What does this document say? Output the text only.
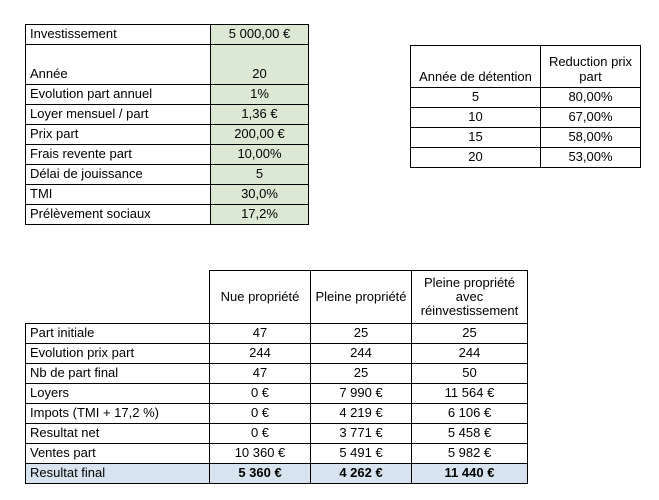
Investissement	5 000,00 €
Année	20
Evolution part annuel	1%
Loyer mensuel / part	1,36 €
Prix part	200,00 €
Frais revente part	10,00%
Délai de jouissance	5
TMI	30,0%
Prélèvement sociaux	17,2%
Année de détention	Reduction prix part
5	80,00%
10	67,00%
15	58,00%
20	53,00%
	Nue propriété	Pleine propriété	Pleine propriété avec réinvestissement
Part initiale	47	25	25
Evolution prix part	244	244	244
Nb de part final	47	25	50
Loyers	0 €	7 990 €	11 564 €
Impots (TMI + 17,2 %)	0 €	4 219 €	6 106 €
Resultat net	0 €	3 771 €	5 458 €
Ventes part	10 360 €	5 491 €	5 982 €
Resultat final	5 360 €	4 262 €	11 440 €
